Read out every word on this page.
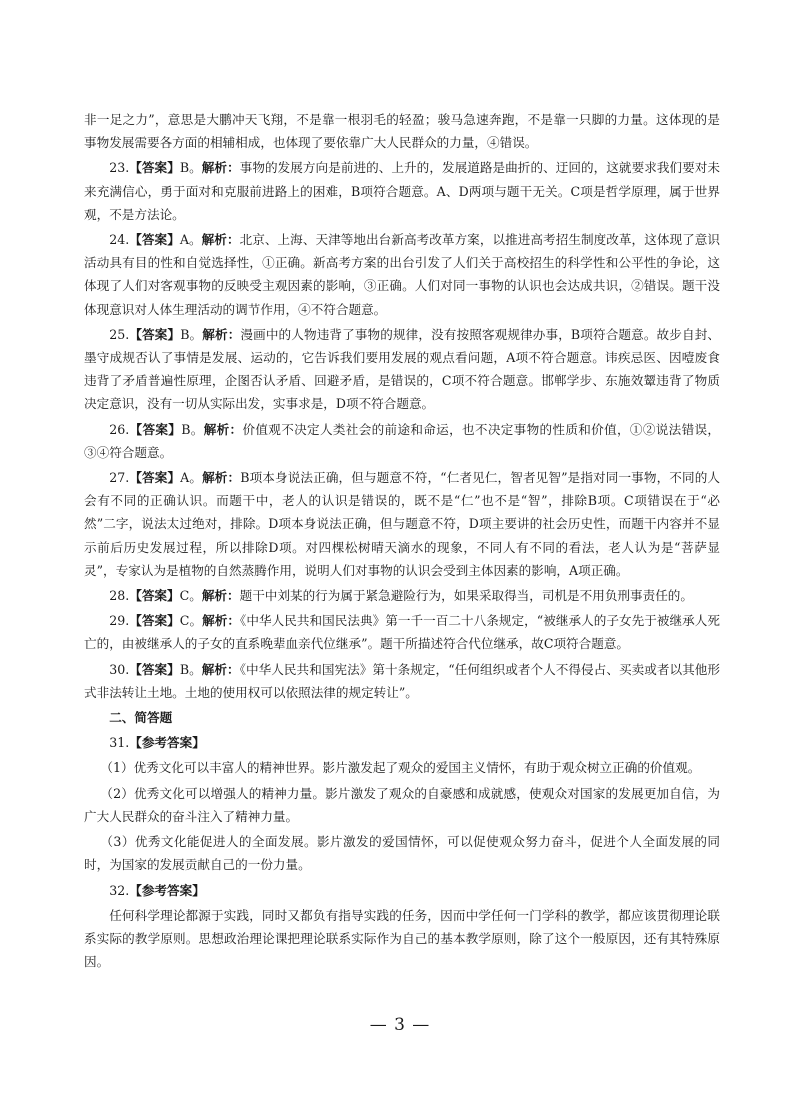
非一足之力”，意思是大鹏冲天飞翔，不是靠一根羽毛的轻盈；骏马急速奔跑，不是靠一只脚的力量。这体现的是事物发展需要各方面的相辅相成，也体现了要依靠广大人民群众的力量，④错误。

23.【答案】B。解析：事物的发展方向是前进的、上升的，发展道路是曲折的、迂回的，这就要求我们要对未来充满信心，勇于面对和克服前进路上的困难，B项符合题意。A、D两项与题干无关。C项是哲学原理，属于世界观，不是方法论。

24.【答案】A。解析：北京、上海、天津等地出台新高考改革方案，以推进高考招生制度改革，这体现了意识活动具有目的性和自觉选择性，①正确。新高考方案的出台引发了人们关于高校招生的科学性和公平性的争论，这体现了人们对客观事物的反映受主观因素的影响，③正确。人们对同一事物的认识也会达成共识，②错误。题干没体现意识对人体生理活动的调节作用，④不符合题意。

25.【答案】B。解析：漫画中的人物违背了事物的规律，没有按照客观规律办事，B项符合题意。故步自封、墨守成规否认了事情是发展、运动的，它告诉我们要用发展的观点看问题，A项不符合题意。讳疾忌医、因噎废食违背了矛盾普遍性原理，企图否认矛盾、回避矛盾，是错误的，C项不符合题意。邯郸学步、东施效颦违背了物质决定意识，没有一切从实际出发，实事求是，D项不符合题意。

26.【答案】B。解析：价值观不决定人类社会的前途和命运，也不决定事物的性质和价值，①②说法错误，③④符合题意。

27.【答案】A。解析：B项本身说法正确，但与题意不符，“仁者见仁，智者见智”是指对同一事物，不同的人会有不同的正确认识。而题干中，老人的认识是错误的，既不是“仁”也不是“智”，排除B项。C项错误在于“必然”二字，说法太过绝对，排除。D项本身说法正确，但与题意不符，D项主要讲的社会历史性，而题干内容并不显示前后历史发展过程，所以排除D项。对四棵松树晴天滴水的现象，不同人有不同的看法，老人认为是“菩萨显灵”，专家认为是植物的自然蒸腾作用，说明人们对事物的认识会受到主体因素的影响，A项正确。

28.【答案】C。解析：题干中刘某的行为属于紧急避险行为，如果采取得当，司机是不用负刑事责任的。

29.【答案】C。解析：《中华人民共和国民法典》第一千一百二十八条规定，“被继承人的子女先于被继承人死亡的，由被继承人的子女的直系晚辈血亲代位继承”。题干所描述符合代位继承，故C项符合题意。

30.【答案】B。解析：《中华人民共和国宪法》第十条规定，“任何组织或者个人不得侵占、买卖或者以其他形式非法转让土地。土地的使用权可以依照法律的规定转让”。

二、简答题

31.【参考答案】

（1）优秀文化可以丰富人的精神世界。影片激发起了观众的爱国主义情怀，有助于观众树立正确的价值观。

（2）优秀文化可以增强人的精神力量。影片激发了观众的自豪感和成就感，使观众对国家的发展更加自信，为广大人民群众的奋斗注入了精神力量。

（3）优秀文化能促进人的全面发展。影片激发的爱国情怀，可以促使观众努力奋斗，促进个人全面发展的同时，为国家的发展贡献自己的一份力量。

32.【参考答案】

任何科学理论都源于实践，同时又都负有指导实践的任务，因而中学任何一门学科的教学，都应该贯彻理论联系实际的教学原则。思想政治理论课把理论联系实际作为自己的基本教学原则，除了这个一般原因，还有其特殊原因。

— 3 —
